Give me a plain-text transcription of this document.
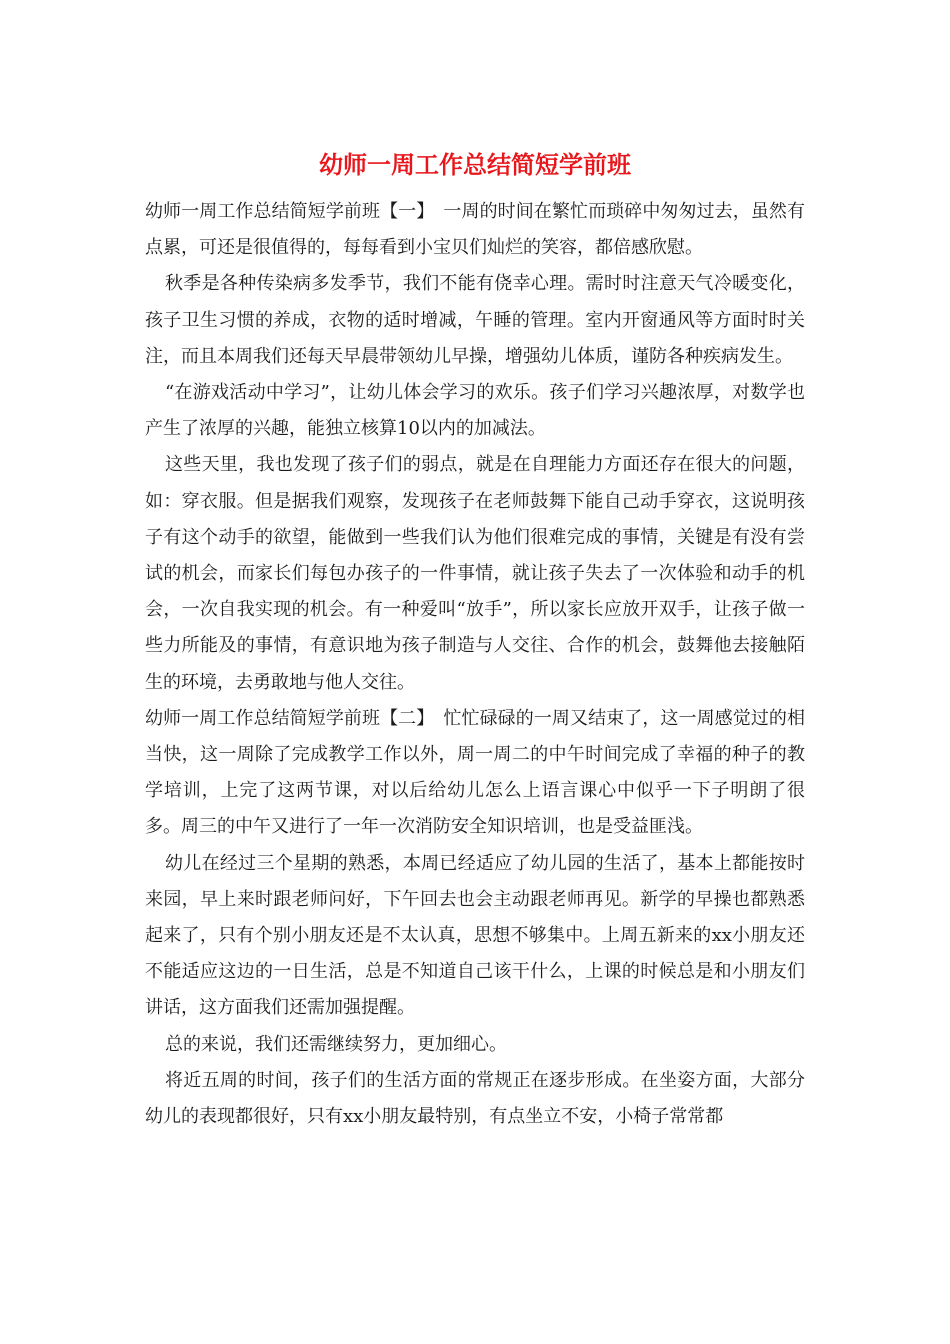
幼师一周工作总结简短学前班

幼师一周工作总结简短学前班【一】　一周的时间在繁忙而琐碎中匆匆过去，虽然有点累，可还是很值得的，每每看到小宝贝们灿烂的笑容，都倍感欣慰。

秋季是各种传染病多发季节，我们不能有侥幸心理。需时时注意天气冷暖变化，孩子卫生习惯的养成，衣物的适时增减，午睡的管理。室内开窗通风等方面时时关注，而且本周我们还每天早晨带领幼儿早操，增强幼儿体质，谨防各种疾病发生。

“在游戏活动中学习”，让幼儿体会学习的欢乐。孩子们学习兴趣浓厚，对数学也产生了浓厚的兴趣，能独立核算10以内的加减法。

这些天里，我也发现了孩子们的弱点，就是在自理能力方面还存在很大的问题，如：穿衣服。但是据我们观察，发现孩子在老师鼓舞下能自己动手穿衣，这说明孩子有这个动手的欲望，能做到一些我们认为他们很难完成的事情，关键是有没有尝试的机会，而家长们每包办孩子的一件事情，就让孩子失去了一次体验和动手的机会，一次自我实现的机会。有一种爱叫“放手”，所以家长应放开双手，让孩子做一些力所能及的事情，有意识地为孩子制造与人交往、合作的机会，鼓舞他去接触陌生的环境，去勇敢地与他人交往。

幼师一周工作总结简短学前班【二】　忙忙碌碌的一周又结束了，这一周感觉过的相当快，这一周除了完成教学工作以外，周一周二的中午时间完成了幸福的种子的教学培训，上完了这两节课，对以后给幼儿怎么上语言课心中似乎一下子明朗了很多。周三的中午又进行了一年一次消防安全知识培训，也是受益匪浅。

幼儿在经过三个星期的熟悉，本周已经适应了幼儿园的生活了，基本上都能按时来园，早上来时跟老师问好，下午回去也会主动跟老师再见。新学的早操也都熟悉起来了，只有个别小朋友还是不太认真，思想不够集中。上周五新来的xx小朋友还不能适应这边的一日生活，总是不知道自己该干什么，上课的时候总是和小朋友们讲话，这方面我们还需加强提醒。

总的来说，我们还需继续努力，更加细心。

将近五周的时间，孩子们的生活方面的常规正在逐步形成。在坐姿方面，大部分幼儿的表现都很好，只有xx小朋友最特别，有点坐立不安，小椅子常常都
